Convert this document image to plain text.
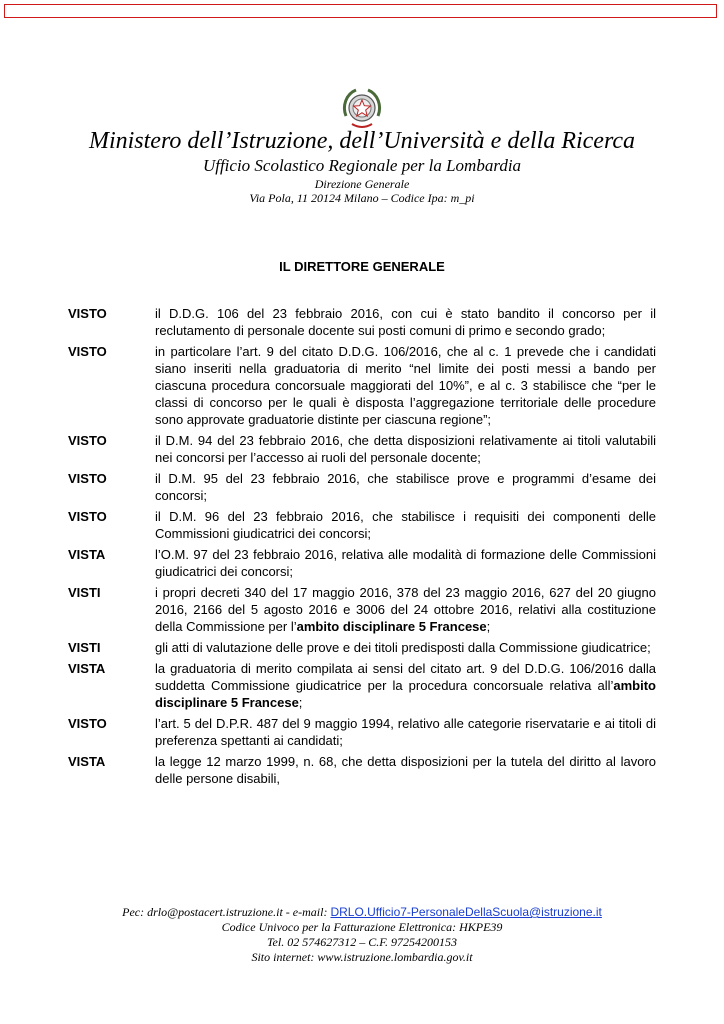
Ministero dell’Istruzione, dell’Università e della Ricerca
Ufficio Scolastico Regionale per la Lombardia
Direzione Generale
Via Pola, 11 20124 Milano – Codice Ipa: m_pi
IL DIRETTORE GENERALE
VISTO	il D.D.G. 106 del 23 febbraio 2016, con cui è stato bandito il concorso per il reclutamento di personale docente sui posti comuni di primo e secondo grado;
VISTO	in particolare l’art. 9 del citato D.D.G. 106/2016, che al c. 1 prevede che i candidati siano inseriti nella graduatoria di merito “nel limite dei posti messi a bando per ciascuna procedura concorsuale maggiorati del 10%”, e al c. 3 stabilisce che “per le classi di concorso per le quali è disposta l’aggregazione territoriale delle procedure sono approvate graduatorie distinte per ciascuna regione”;
VISTO	il D.M. 94 del 23 febbraio 2016, che detta disposizioni relativamente ai titoli valutabili nei concorsi per l’accesso ai ruoli del personale docente;
VISTO	il D.M. 95 del 23 febbraio 2016, che stabilisce prove e programmi d’esame dei concorsi;
VISTO	il D.M. 96 del 23 febbraio 2016, che stabilisce i requisiti dei componenti delle Commissioni giudicatrici dei concorsi;
VISTA	l’O.M. 97 del 23 febbraio 2016, relativa alle modalità di formazione delle Commissioni giudicatrici dei concorsi;
VISTI	i propri decreti 340 del 17 maggio 2016, 378 del 23 maggio 2016, 627 del 20 giugno 2016, 2166 del 5 agosto 2016 e 3006 del 24 ottobre 2016, relativi alla costituzione della Commissione per l’ambito disciplinare 5 Francese;
VISTI	gli atti di valutazione delle prove e dei titoli predisposti dalla Commissione giudicatrice;
VISTA	la graduatoria di merito compilata ai sensi del citato art. 9 del D.D.G. 106/2016 dalla suddetta Commissione giudicatrice per la procedura concorsuale relativa all’ambito disciplinare 5 Francese;
VISTO	l’art. 5 del D.P.R. 487 del 9 maggio 1994, relativo alle categorie riservatarie e ai titoli di preferenza spettanti ai candidati;
VISTA	la legge 12 marzo 1999, n. 68, che detta disposizioni per la tutela del diritto al lavoro delle persone disabili,
Pec: drlo@postacert.istruzione.it - e-mail: DRLO.Ufficio7-PersonaleDellaScuola@istruzione.it
Codice Univoco per la Fatturazione Elettronica: HKPE39
Tel. 02 574627312 – C.F. 97254200153
Sito internet: www.istruzione.lombardia.gov.it
